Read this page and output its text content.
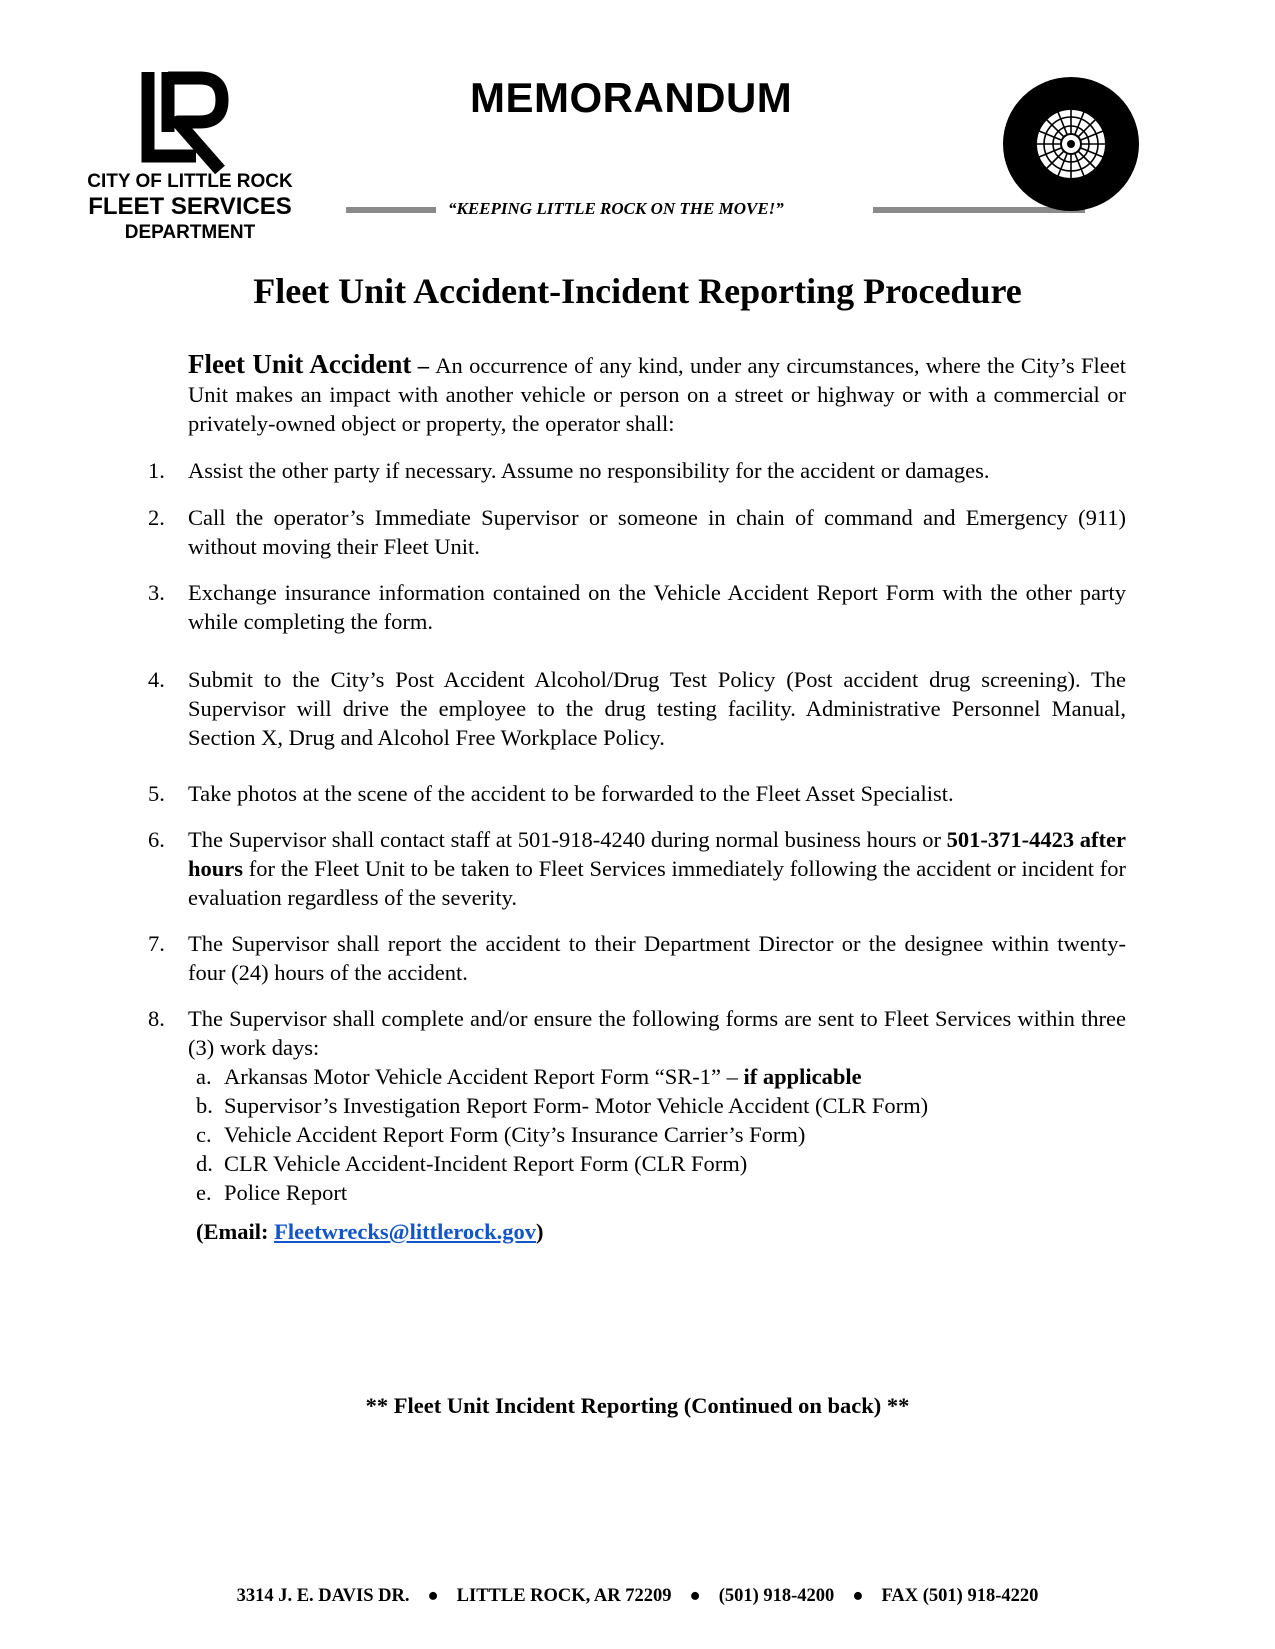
CITY OF LITTLE ROCK
FLEET SERVICES
DEPARTMENT
MEMORANDUM
“KEEPING LITTLE ROCK ON THE MOVE!”
Fleet Unit Accident-Incident Reporting Procedure
Fleet Unit Accident – An occurrence of any kind, under any circumstances, where the City’s Fleet Unit makes an impact with another vehicle or person on a street or highway or with a commercial or privately-owned object or property, the operator shall:
1. Assist the other party if necessary. Assume no responsibility for the accident or damages.
2. Call the operator’s Immediate Supervisor or someone in chain of command and Emergency (911) without moving their Fleet Unit.
3. Exchange insurance information contained on the Vehicle Accident Report Form with the other party while completing the form.
4. Submit to the City’s Post Accident Alcohol/Drug Test Policy (Post accident drug screening). The Supervisor will drive the employee to the drug testing facility. Administrative Personnel Manual, Section X, Drug and Alcohol Free Workplace Policy.
5. Take photos at the scene of the accident to be forwarded to the Fleet Asset Specialist.
6. The Supervisor shall contact staff at 501-918-4240 during normal business hours or 501-371-4423 after hours for the Fleet Unit to be taken to Fleet Services immediately following the accident or incident for evaluation regardless of the severity.
7. The Supervisor shall report the accident to their Department Director or the designee within twenty-four (24) hours of the accident.
8. The Supervisor shall complete and/or ensure the following forms are sent to Fleet Services within three (3) work days:
a. Arkansas Motor Vehicle Accident Report Form “SR-1” – if applicable
b. Supervisor’s Investigation Report Form- Motor Vehicle Accident (CLR Form)
c. Vehicle Accident Report Form (City’s Insurance Carrier’s Form)
d. CLR Vehicle Accident-Incident Report Form (CLR Form)
e. Police Report
(Email: Fleetwrecks@littlerock.gov)
** Fleet Unit Incident Reporting (Continued on back) **
3314 J. E. DAVIS DR. ● LITTLE ROCK, AR 72209 ● (501) 918-4200 ● FAX (501) 918-4220
